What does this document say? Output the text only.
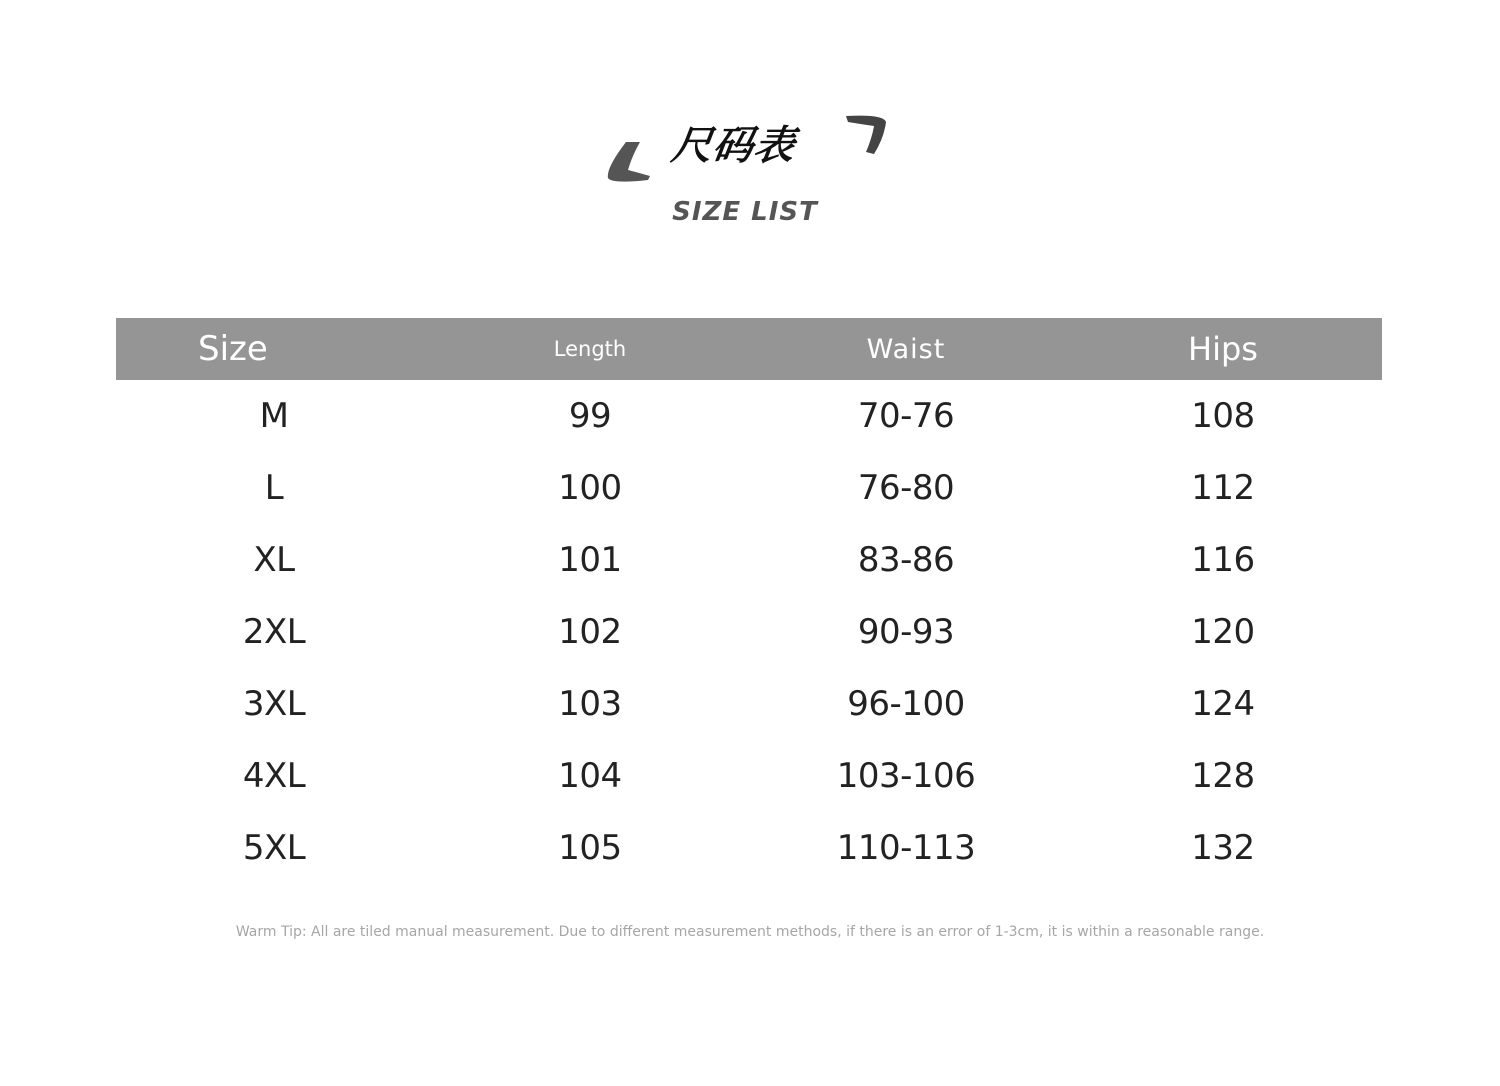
尺码表
SIZE LIST
Size	Length	Waist	Hips
M	99	70-76	108
L	100	76-80	112
XL	101	83-86	116
2XL	102	90-93	120
3XL	103	96-100	124
4XL	104	103-106	128
5XL	105	110-113	132
Warm Tip: All are tiled manual measurement. Due to different measurement methods, if there is an error of 1-3cm, it is within a reasonable range.
